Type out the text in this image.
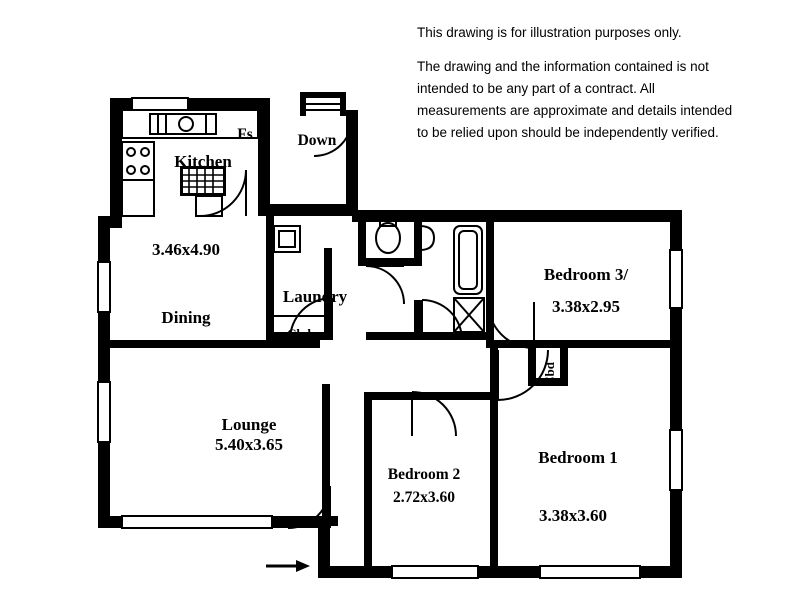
This drawing is for illustration purposes only.

The drawing and the information contained is not intended to be any part of a contract. All measurements are approximate and details intended to be relied upon should be independently verified.

Kitchen
3.46x4.90
Dining
Lounge
5.40x3.65
Laundry
Bedroom 1
3.38x3.60
Bedroom 2
2.72x3.60
Bedroom 3/
3.38x2.95
Fs	Down
Cbd
Cbd
